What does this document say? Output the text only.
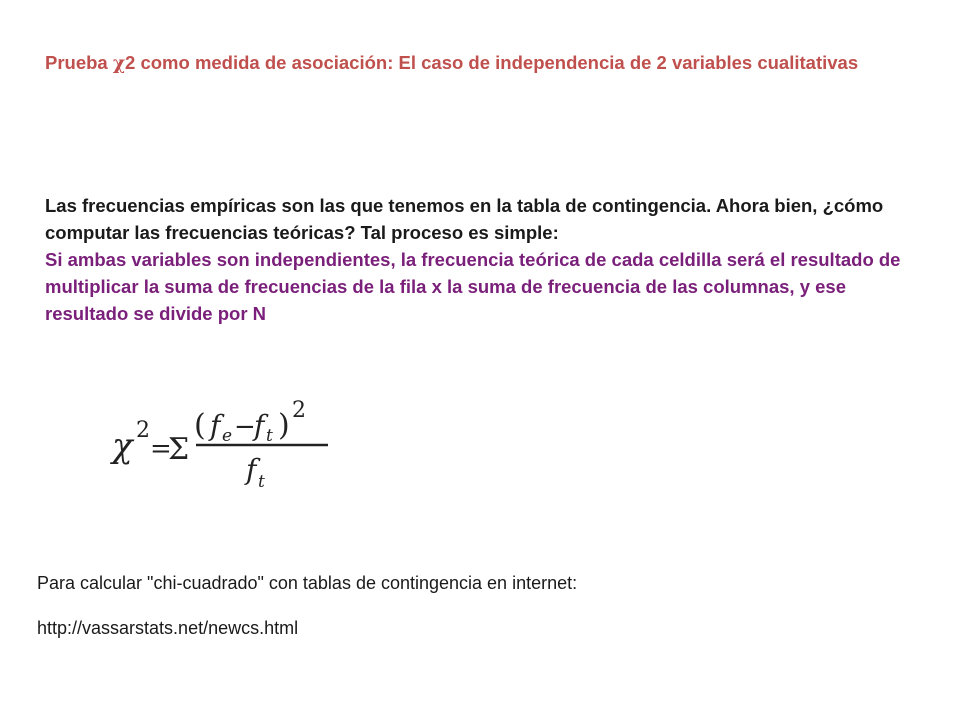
Prueba χ2 como medida de asociación: El caso de independencia de 2 variables cualitativas
Las frecuencias empíricas son las que tenemos en la tabla de contingencia. Ahora bien, ¿cómo computar las frecuencias teóricas? Tal proceso es simple:
Si ambas variables son independientes, la frecuencia teórica de cada celdilla será el resultado de multiplicar la suma de frecuencias de la fila x la suma de frecuencia de las columnas, y ese resultado se divide por N
χ 2
=
Σ
( f e −
f t ) 2
f t
Para calcular "chi-cuadrado" con tablas de contingencia en internet:
http://vassarstats.net/newcs.html
